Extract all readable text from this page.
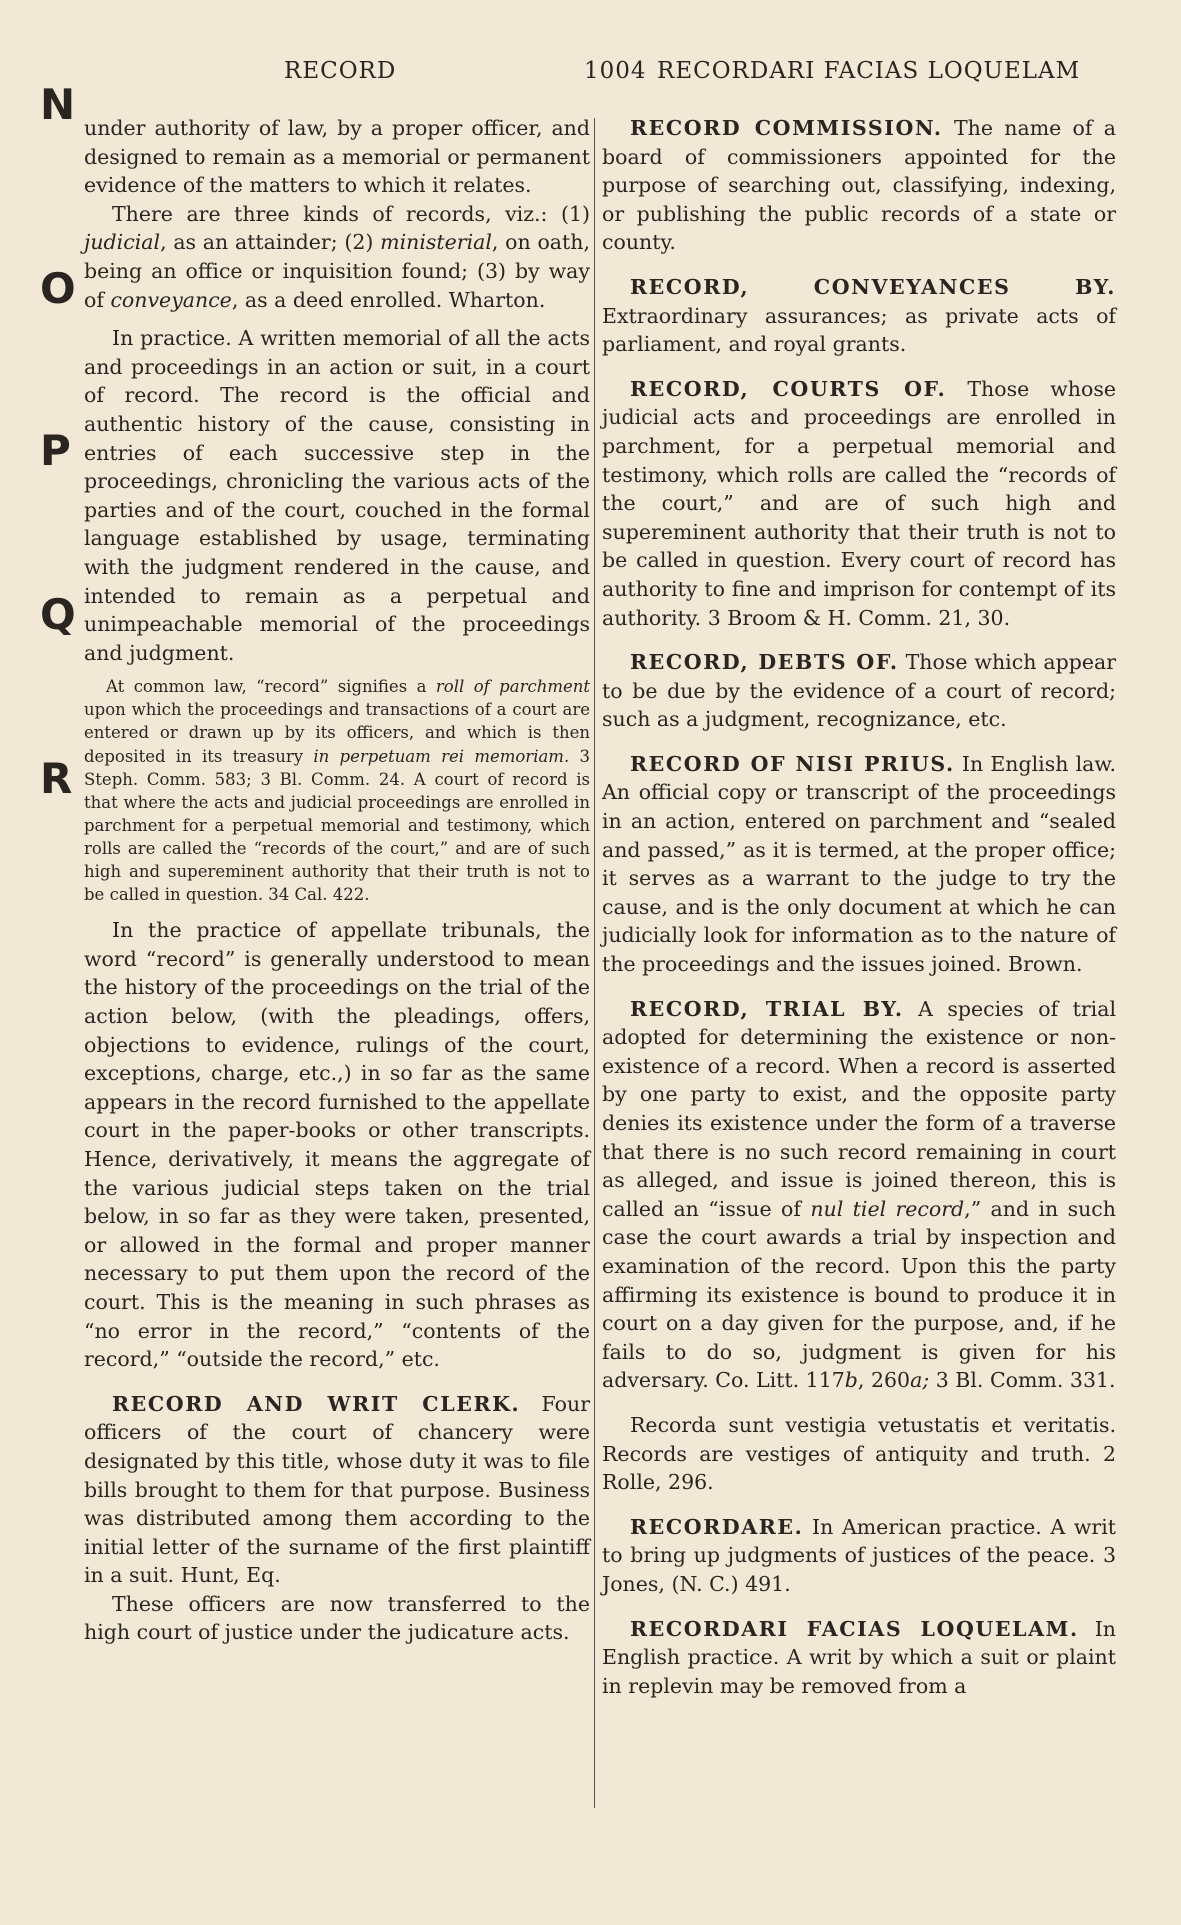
RECORD	1004 RECORDARI FACIAS LOQUELAM
N
O
P
Q
R

under authority of law, by a proper officer, and designed to remain as a memorial or permanent evidence of the matters to which it relates.

There are three kinds of records, viz.: (1) judicial, as an attainder; (2) ministerial, on oath, being an office or inquisition found; (3) by way of conveyance, as a deed enrolled. Wharton.

In practice. A written memorial of all the acts and proceedings in an action or suit, in a court of record. The record is the official and authentic history of the cause, consisting in entries of each successive step in the proceedings, chronicling the various acts of the parties and of the court, couched in the formal language established by usage, terminating with the judgment rendered in the cause, and intended to remain as a perpetual and unimpeachable memorial of the proceedings and judgment.

At common law, “record” signifies a roll of parchment upon which the proceedings and transactions of a court are entered or drawn up by its officers, and which is then deposited in its treasury in perpetuam rei memoriam. 3 Steph. Comm. 583; 3 Bl. Comm. 24. A court of record is that where the acts and judicial proceedings are enrolled in parchment for a perpetual memorial and testimony, which rolls are called the “records of the court,” and are of such high and supereminent authority that their truth is not to be called in question. 34 Cal. 422.

In the practice of appellate tribunals, the word “record” is generally understood to mean the history of the proceedings on the trial of the action below, (with the pleadings, offers, objections to evidence, rulings of the court, exceptions, charge, etc.,) in so far as the same appears in the record furnished to the appellate court in the paper-books or other transcripts. Hence, derivatively, it means the aggregate of the various judicial steps taken on the trial below, in so far as they were taken, presented, or allowed in the formal and proper manner necessary to put them upon the record of the court. This is the meaning in such phrases as “no error in the record,” “contents of the record,” “outside the record,” etc.

RECORD AND WRIT CLERK. Four officers of the court of chancery were designated by this title, whose duty it was to file bills brought to them for that purpose. Business was distributed among them according to the initial letter of the surname of the first plaintiff in a suit. Hunt, Eq.

These officers are now transferred to the high court of justice under the judicature acts.

RECORD COMMISSION. The name of a board of commissioners appointed for the purpose of searching out, classifying, indexing, or publishing the public records of a state or county.

RECORD, CONVEYANCES BY. Extraordinary assurances; as private acts of parliament, and royal grants.

RECORD, COURTS OF. Those whose judicial acts and proceedings are enrolled in parchment, for a perpetual memorial and testimony, which rolls are called the “records of the court,” and are of such high and supereminent authority that their truth is not to be called in question. Every court of record has authority to fine and imprison for contempt of its authority. 3 Broom & H. Comm. 21, 30.

RECORD, DEBTS OF. Those which appear to be due by the evidence of a court of record; such as a judgment, recognizance, etc.

RECORD OF NISI PRIUS. In English law. An official copy or transcript of the proceedings in an action, entered on parchment and “sealed and passed,” as it is termed, at the proper office; it serves as a warrant to the judge to try the cause, and is the only document at which he can judicially look for information as to the nature of the proceedings and the issues joined. Brown.

RECORD, TRIAL BY. A species of trial adopted for determining the existence or non-existence of a record. When a record is asserted by one party to exist, and the opposite party denies its existence under the form of a traverse that there is no such record remaining in court as alleged, and issue is joined thereon, this is called an “issue of nul tiel record,” and in such case the court awards a trial by inspection and examination of the record. Upon this the party affirming its existence is bound to produce it in court on a day given for the purpose, and, if he fails to do so, judgment is given for his adversary. Co. Litt. 117b, 260a; 3 Bl. Comm. 331.

Recorda sunt vestigia vetustatis et veritatis. Records are vestiges of antiquity and truth. 2 Rolle, 296.

RECORDARE. In American practice. A writ to bring up judgments of justices of the peace. 3 Jones, (N. C.) 491.

RECORDARI FACIAS LOQUELAM. In English practice. A writ by which a suit or plaint in replevin may be removed from a
